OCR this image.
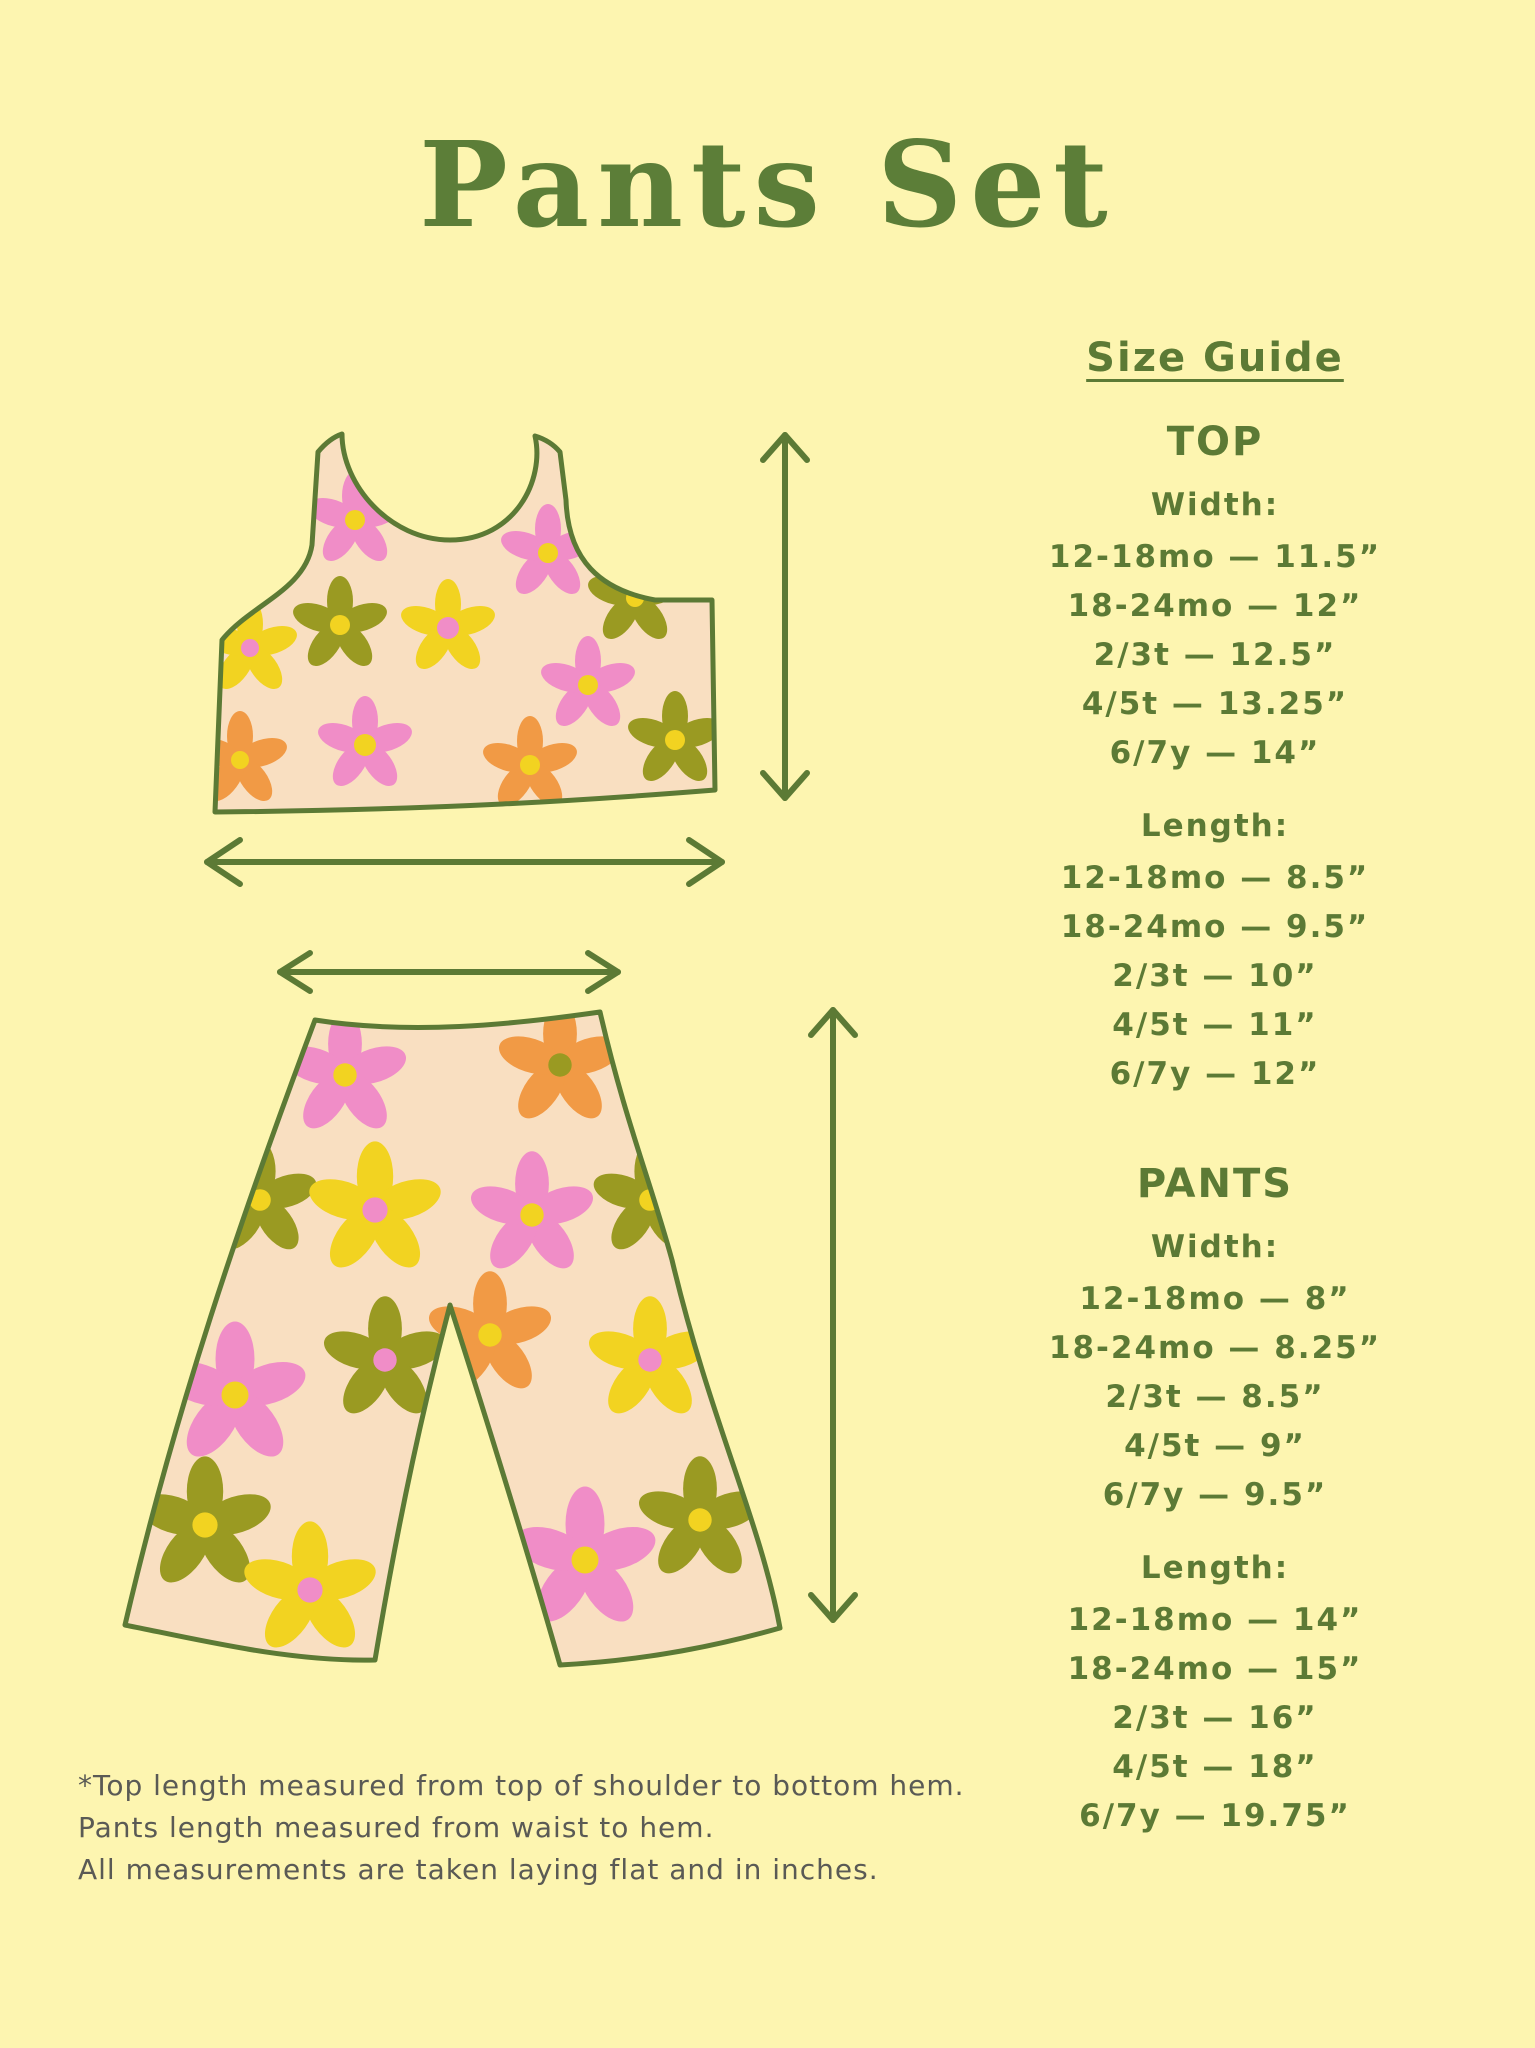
Pants Set
Size Guide
TOP
Width:
12-18mo — 11.5”
18-24mo — 12”
2/3t — 12.5”
4/5t — 13.25”
6/7y — 14”
Length:
12-18mo — 8.5”
18-24mo — 9.5”
2/3t — 10”
4/5t — 11”
6/7y — 12”
PANTS
Width:
12-18mo — 8”
18-24mo — 8.25”
2/3t — 8.5”
4/5t — 9”
6/7y — 9.5”
Length:
12-18mo — 14”
18-24mo — 15”
2/3t — 16”
4/5t — 18”
6/7y — 19.75”
*Top length measured from top of shoulder to bottom hem.
Pants length measured from waist to hem.
All measurements are taken laying flat and in inches.
